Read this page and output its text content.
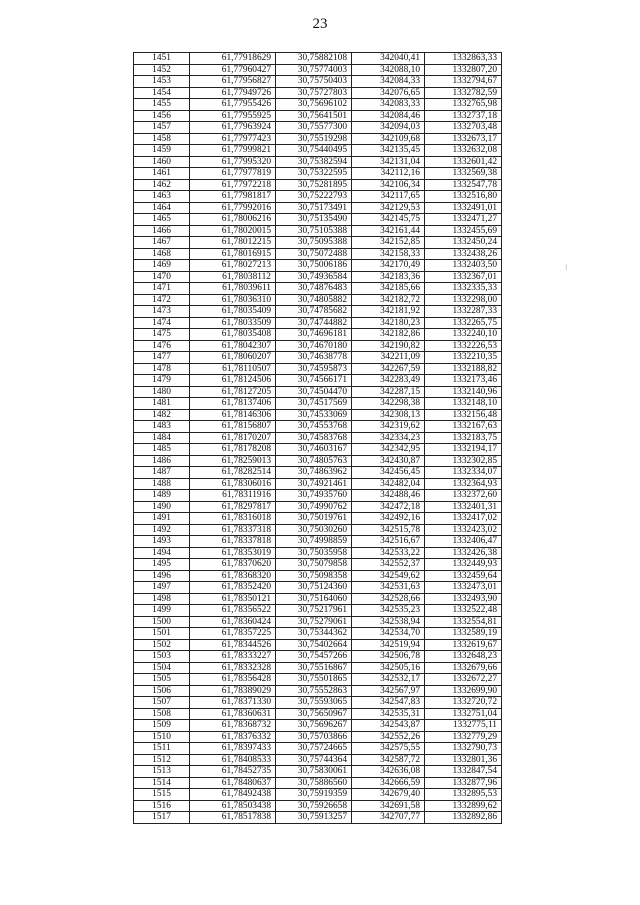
23
1451	61,77918629	30,75882108	342040,41	1332863,33
1452	61,77960427	30,75774003	342088,10	1332807,20
1453	61,77956827	30,75750403	342084,33	1332794,67
1454	61,77949726	30,75727803	342076,65	1332782,59
1455	61,77955426	30,75696102	342083,33	1332765,98
1456	61,77955925	30,75641501	342084,46	1332737,18
1457	61,77963924	30,75577300	342094,03	1332703,48
1458	61,77977423	30,75519298	342109,68	1332673,17
1459	61,77999821	30,75440495	342135,45	1332632,08
1460	61,77995320	30,75382594	342131,04	1332601,42
1461	61,77977819	30,75322595	342112,16	1332569,38
1462	61,77972218	30,75281895	342106,34	1332547,78
1463	61,77981817	30,75222793	342117,65	1332516,80
1464	61,77992016	30,75173491	342129,53	1332491,01
1465	61,78006216	30,75135490	342145,75	1332471,27
1466	61,78020015	30,75105388	342161,44	1332455,69
1467	61,78012215	30,75095388	342152,85	1332450,24
1468	61,78016915	30,75072488	342158,33	1332438,26
1469	61,78027213	30,75006186	342170,49	1332403,50
1470	61,78038112	30,74936584	342183,36	1332367,01
1471	61,78039611	30,74876483	342185,66	1332335,33
1472	61,78036310	30,74805882	342182,72	1332298,00
1473	61,78035409	30,74785682	342181,92	1332287,33
1474	61,78033509	30,74744882	342180,23	1332265,75
1475	61,78035408	30,74696181	342182,86	1332240,10
1476	61,78042307	30,74670180	342190,82	1332226,53
1477	61,78060207	30,74638778	342211,09	1332210,35
1478	61,78110507	30,74595873	342267,59	1332188,82
1479	61,78124506	30,74566171	342283,49	1332173,46
1480	61,78127205	30,74504470	342287,15	1332140,96
1481	61,78137406	30,74517569	342298,38	1332148,10
1482	61,78146306	30,74533069	342308,13	1332156,48
1483	61,78156807	30,74553768	342319,62	1332167,63
1484	61,78170207	30,74583768	342334,23	1332183,75
1485	61,78178208	30,74603167	342342,95	1332194,17
1486	61,78259013	30,74805763	342430,87	1332302,85
1487	61,78282514	30,74863962	342456,45	1332334,07
1488	61,78306016	30,74921461	342482,04	1332364,93
1489	61,78311916	30,74935760	342488,46	1332372,60
1490	61,78297817	30,74990762	342472,18	1332401,31
1491	61,78316018	30,75019761	342492,16	1332417,02
1492	61,78337318	30,75030260	342515,78	1332423,02
1493	61,78337818	30,74998859	342516,67	1332406,47
1494	61,78353019	30,75035958	342533,22	1332426,38
1495	61,78370620	30,75079858	342552,37	1332449,93
1496	61,78368320	30,75098358	342549,62	1332459,64
1497	61,78352420	30,75124360	342531,63	1332473,01
1498	61,78350121	30,75164060	342528,66	1332493,90
1499	61,78356522	30,75217961	342535,23	1332522,48
1500	61,78360424	30,75279061	342538,94	1332554,81
1501	61,78357225	30,75344362	342534,70	1332589,19
1502	61,78344526	30,75402664	342519,94	1332619,67
1503	61,78333227	30,75457266	342506,78	1332648,23
1504	61,78332328	30,75516867	342505,16	1332679,66
1505	61,78356428	30,75501865	342532,17	1332672,27
1506	61,78389029	30,75552863	342567,97	1332699,90
1507	61,78371330	30,75593065	342547,83	1332720,72
1508	61,78360631	30,75650967	342535,31	1332751,04
1509	61,78368732	30,75696267	342543,87	1332775,11
1510	61,78376332	30,75703866	342552,26	1332779,29
1511	61,78397433	30,75724665	342575,55	1332790,73
1512	61,78408533	30,75744364	342587,72	1332801,36
1513	61,78452735	30,75830061	342636,08	1332847,54
1514	61,78480637	30,75886560	342666,59	1332877,96
1515	61,78492438	30,75919359	342679,40	1332895,53
1516	61,78503438	30,75926658	342691,58	1332899,62
1517	61,78517838	30,75913257	342707,77	1332892,86
⁝
